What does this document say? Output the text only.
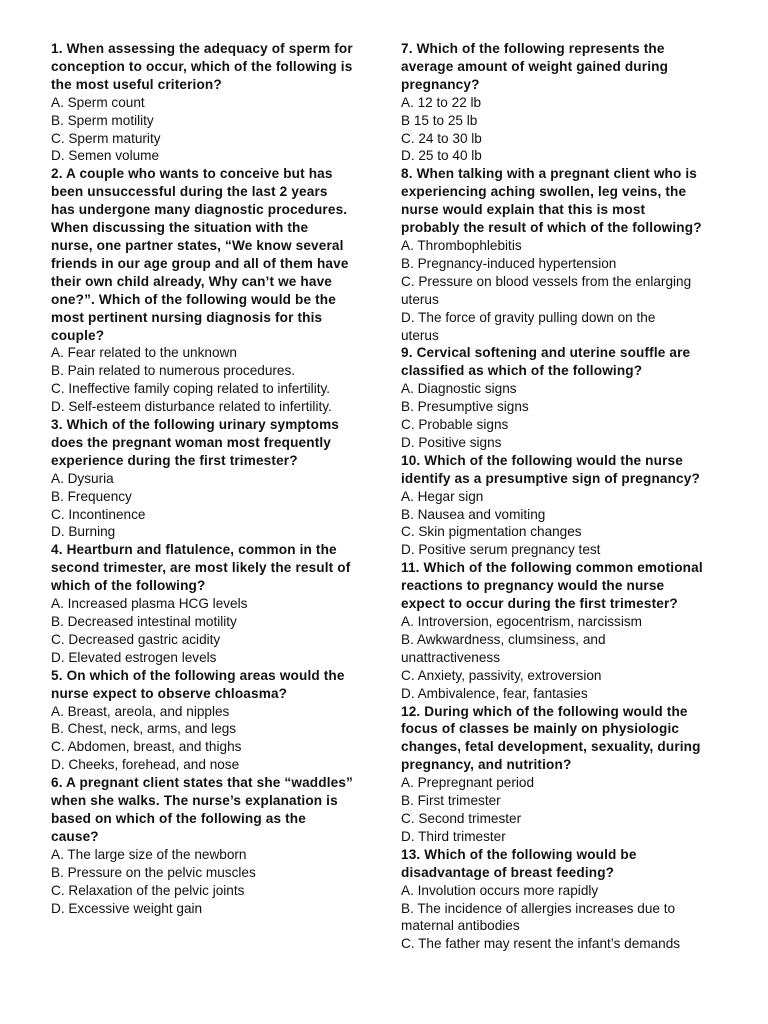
1. When assessing the adequacy of sperm for
conception to occur, which of the following is
the most useful criterion?
A. Sperm count
B. Sperm motility
C. Sperm maturity
D. Semen volume
2. A couple who wants to conceive but has
been unsuccessful during the last 2 years
has undergone many diagnostic procedures.
When discussing the situation with the
nurse, one partner states, “We know several
friends in our age group and all of them have
their own child already, Why can’t we have
one?”. Which of the following would be the
most pertinent nursing diagnosis for this
couple?
A. Fear related to the unknown
B. Pain related to numerous procedures.
C. Ineffective family coping related to infertility.
D. Self-esteem disturbance related to infertility.
3. Which of the following urinary symptoms
does the pregnant woman most frequently
experience during the first trimester?
A. Dysuria
B. Frequency
C. Incontinence
D. Burning
4. Heartburn and flatulence, common in the
second trimester, are most likely the result of
which of the following?
A. Increased plasma HCG levels
B. Decreased intestinal motility
C. Decreased gastric acidity
D. Elevated estrogen levels
5. On which of the following areas would the
nurse expect to observe chloasma?
A. Breast, areola, and nipples
B. Chest, neck, arms, and legs
C. Abdomen, breast, and thighs
D. Cheeks, forehead, and nose
6. A pregnant client states that she “waddles”
when she walks. The nurse’s explanation is
based on which of the following as the
cause?
A. The large size of the newborn
B. Pressure on the pelvic muscles
C. Relaxation of the pelvic joints
D. Excessive weight gain
7. Which of the following represents the
average amount of weight gained during
pregnancy?
A. 12 to 22 lb
B 15 to 25 lb
C. 24 to 30 lb
D. 25 to 40 lb
8. When talking with a pregnant client who is
experiencing aching swollen, leg veins, the
nurse would explain that this is most
probably the result of which of the following?
A. Thrombophlebitis
B. Pregnancy-induced hypertension
C. Pressure on blood vessels from the enlarging
uterus
D. The force of gravity pulling down on the
uterus
9. Cervical softening and uterine souffle are
classified as which of the following?
A. Diagnostic signs
B. Presumptive signs
C. Probable signs
D. Positive signs
10. Which of the following would the nurse
identify as a presumptive sign of pregnancy?
A. Hegar sign
B. Nausea and vomiting
C. Skin pigmentation changes
D. Positive serum pregnancy test
11. Which of the following common emotional
reactions to pregnancy would the nurse
expect to occur during the first trimester?
A. Introversion, egocentrism, narcissism
B. Awkwardness, clumsiness, and
unattractiveness
C. Anxiety, passivity, extroversion
D. Ambivalence, fear, fantasies
12. During which of the following would the
focus of classes be mainly on physiologic
changes, fetal development, sexuality, during
pregnancy, and nutrition?
A. Prepregnant period
B. First trimester
C. Second trimester
D. Third trimester
13. Which of the following would be
disadvantage of breast feeding?
A. Involution occurs more rapidly
B. The incidence of allergies increases due to
maternal antibodies
C. The father may resent the infant’s demands
